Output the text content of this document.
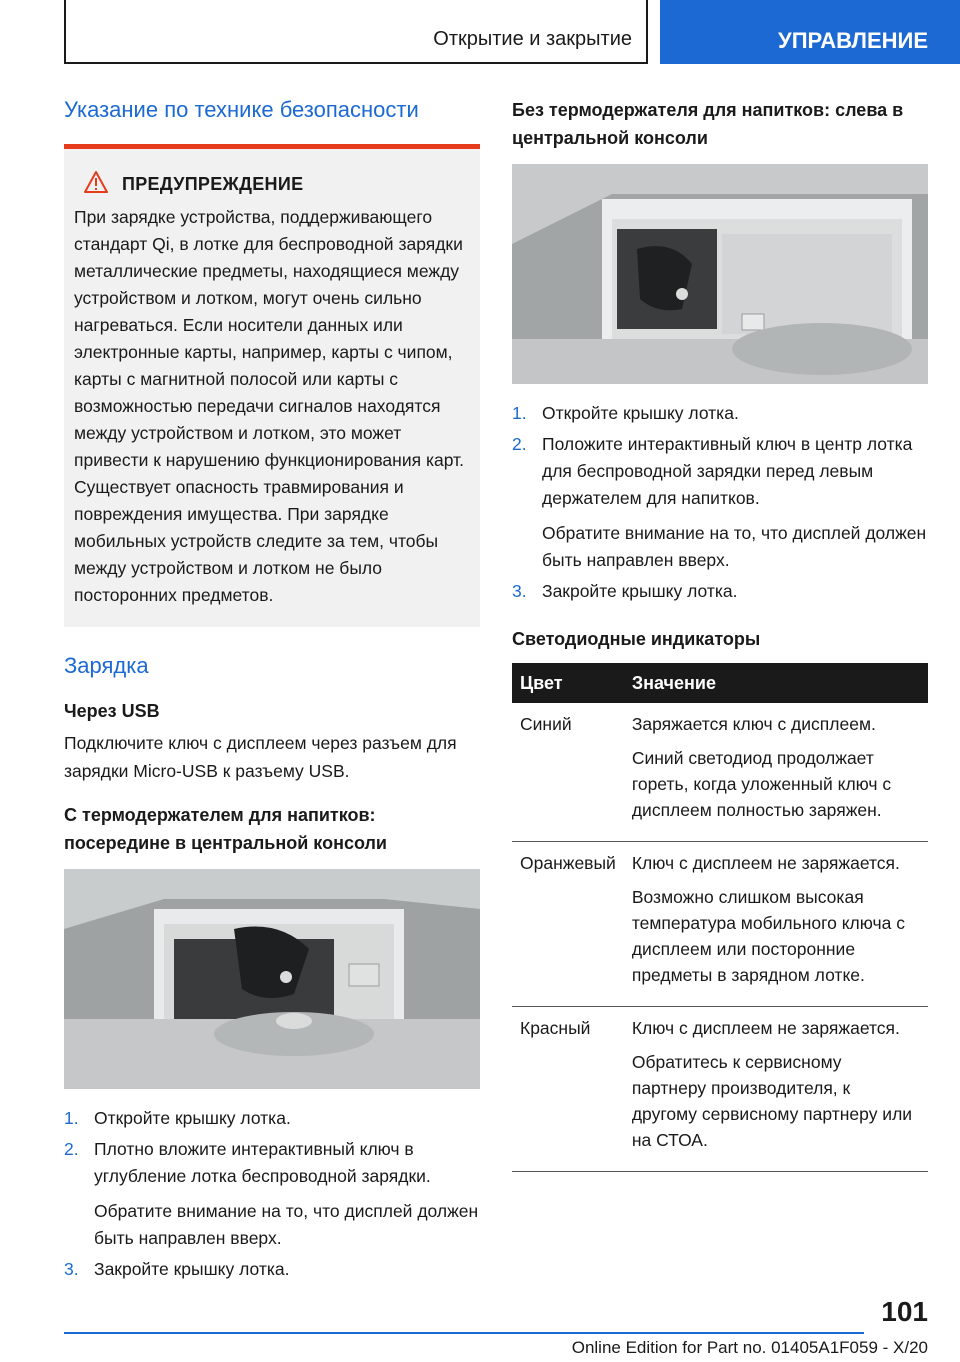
Открытие и закрытие	УПРАВЛЕНИЕ
Указание по технике безопасности
ПРЕДУПРЕЖДЕНИЕ

При зарядке устройства, поддерживающего стандарт Qi, в лотке для беспроводной зарядки металлические предметы, находящиеся между устройством и лотком, могут очень сильно нагреваться. Если носители данных или электронные карты, например, карты с чипом, карты с магнитной полосой или карты с возможностью передачи сигналов находятся между устройством и лотком, это может привести к нарушению функционирования карт. Существует опасность травмирования и повреждения имущества. При зарядке мобильных устройств следите за тем, чтобы между устройством и лотком не было посторонних предметов.

Зарядка
Через USB

Подключите ключ с дисплеем через разъем для зарядки Micro-USB к разъему USB.

С термодержателем для напитков: посередине в центральной консоли
1. Откройте крышку лотка.
2. Плотно вложите интерактивный ключ в углубление лотка беспроводной зарядки.
Обратите внимание на то, что дисплей должен быть направлен вверх.
3. Закройте крышку лотка.
Без термодержателя для напитков: слева в центральной консоли
1. Откройте крышку лотка.
2. Положите интерактивный ключ в центр лотка для беспроводной зарядки перед левым держателем для напитков.
Обратите внимание на то, что дисплей должен быть направлен вверх.
3. Закройте крышку лотка.
Светодиодные индикаторы
Цвет	Значение
Синий	Заряжается ключ с дисплеем.

Синий светодиод продолжает гореть, когда уложенный ключ с дисплеем полностью заряжен.

Оранжевый	Ключ с дисплеем не заряжается.

Возможно слишком высокая температура мобильного ключа с дисплеем или посторонние предметы в зарядном лотке.

Красный	Ключ с дисплеем не заряжается.

Обратитесь к сервисному партнеру производителя, к другому сервисному партнеру или на СТОА.

101
Online Edition for Part no. 01405A1F059 - X/20
